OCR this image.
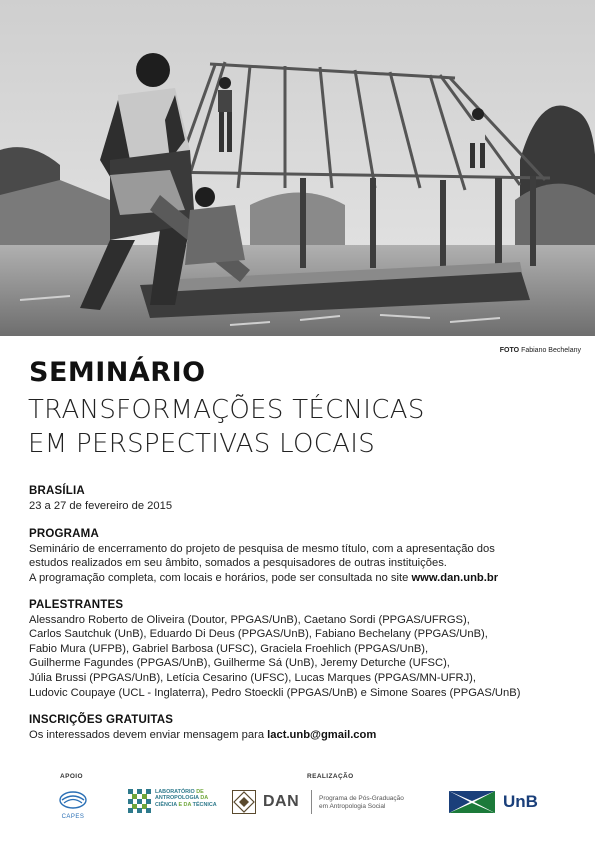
FOTO Fabiano Bechelany
SEMINÁRIO
TRANSFORMAÇÕES TÉCNICAS
EM PERSPECTIVAS LOCAIS
BRASÍLIA

23 a 27 de fevereiro de 2015

PROGRAMA

Seminário de encerramento do projeto de pesquisa de mesmo título, com a apresentação dos

estudos realizados em seu âmbito, somados a pesquisadores de outras instituições.

A programação completa, com locais e horários, pode ser consultada no site www.dan.unb.br

PALESTRANTES

Alessandro Roberto de Oliveira (Doutor, PPGAS/UnB), Caetano Sordi (PPGAS/UFRGS),

Carlos Sautchuk (UnB), Eduardo Di Deus (PPGAS/UnB), Fabiano Bechelany (PPGAS/UnB),

Fabio Mura (UFPB), Gabriel Barbosa (UFSC), Graciela Froehlich (PPGAS/UnB),

Guilherme Fagundes (PPGAS/UnB), Guilherme Sá (UnB), Jeremy Deturche (UFSC),

Júlia Brussi (PPGAS/UnB), Letícia Cesarino (UFSC), Lucas Marques (PPGAS/MN-UFRJ),

Ludovic Coupaye (UCL - Inglaterra), Pedro Stoeckli (PPGAS/UnB) e Simone Soares (PPGAS/UnB)

INSCRIÇÕES GRATUITAS

Os interessados devem enviar mensagem para lact.unb@gmail.com

APOIO	REALIZAÇÃO
CAPES
LABORATÓRIO DE
ANTROPOLOGIA DA
CIÊNCIA E DA TÉCNICA	DAN	Programa de Pós-Graduação
em Antropologia Social	UnB
